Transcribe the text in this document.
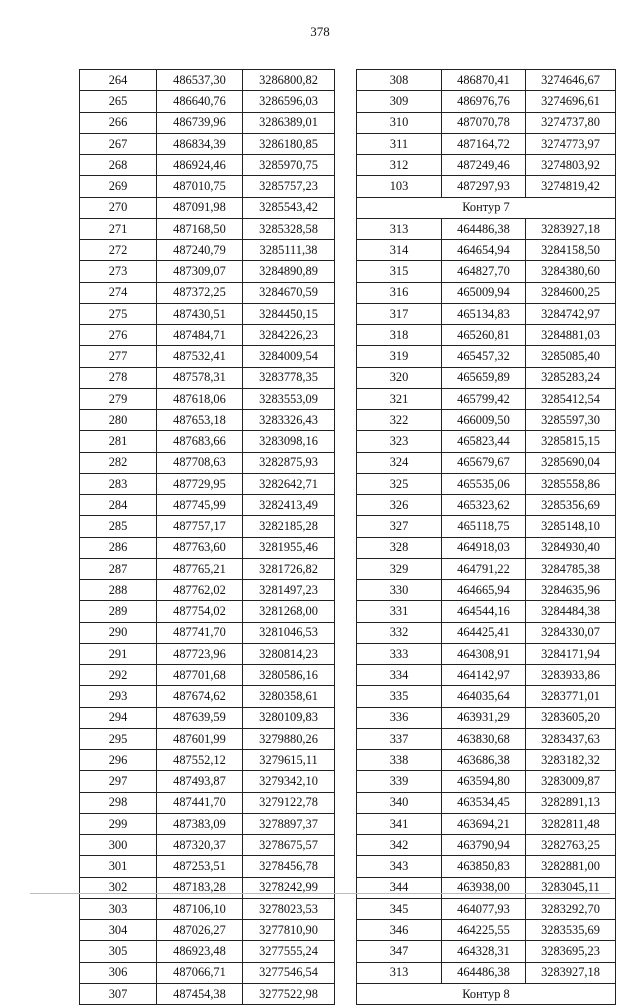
378
264	486537,30	3286800,82
265	486640,76	3286596,03
266	486739,96	3286389,01
267	486834,39	3286180,85
268	486924,46	3285970,75
269	487010,75	3285757,23
270	487091,98	3285543,42
271	487168,50	3285328,58
272	487240,79	3285111,38
273	487309,07	3284890,89
274	487372,25	3284670,59
275	487430,51	3284450,15
276	487484,71	3284226,23
277	487532,41	3284009,54
278	487578,31	3283778,35
279	487618,06	3283553,09
280	487653,18	3283326,43
281	487683,66	3283098,16
282	487708,63	3282875,93
283	487729,95	3282642,71
284	487745,99	3282413,49
285	487757,17	3282185,28
286	487763,60	3281955,46
287	487765,21	3281726,82
288	487762,02	3281497,23
289	487754,02	3281268,00
290	487741,70	3281046,53
291	487723,96	3280814,23
292	487701,68	3280586,16
293	487674,62	3280358,61
294	487639,59	3280109,83
295	487601,99	3279880,26
296	487552,12	3279615,11
297	487493,87	3279342,10
298	487441,70	3279122,78
299	487383,09	3278897,37
300	487320,37	3278675,57
301	487253,51	3278456,78
302	487183,28	3278242,99
303	487106,10	3278023,53
304	487026,27	3277810,90
305	486923,48	3277555,24
306	487066,71	3277546,54
307	487454,38	3277522,98
308	486870,41	3274646,67
309	486976,76	3274696,61
310	487070,78	3274737,80
311	487164,72	3274773,97
312	487249,46	3274803,92
103	487297,93	3274819,42
Контур 7		
313	464486,38	3283927,18
314	464654,94	3284158,50
315	464827,70	3284380,60
316	465009,94	3284600,25
317	465134,83	3284742,97
318	465260,81	3284881,03
319	465457,32	3285085,40
320	465659,89	3285283,24
321	465799,42	3285412,54
322	466009,50	3285597,30
323	465823,44	3285815,15
324	465679,67	3285690,04
325	465535,06	3285558,86
326	465323,62	3285356,69
327	465118,75	3285148,10
328	464918,03	3284930,40
329	464791,22	3284785,38
330	464665,94	3284635,96
331	464544,16	3284484,38
332	464425,41	3284330,07
333	464308,91	3284171,94
334	464142,97	3283933,86
335	464035,64	3283771,01
336	463931,29	3283605,20
337	463830,68	3283437,63
338	463686,38	3283182,32
339	463594,80	3283009,87
340	463534,45	3282891,13
341	463694,21	3282811,48
342	463790,94	3282763,25
343	463850,83	3282881,00
344	463938,00	3283045,11
345	464077,93	3283292,70
346	464225,55	3283535,69
347	464328,31	3283695,23
313	464486,38	3283927,18
Контур 8		
